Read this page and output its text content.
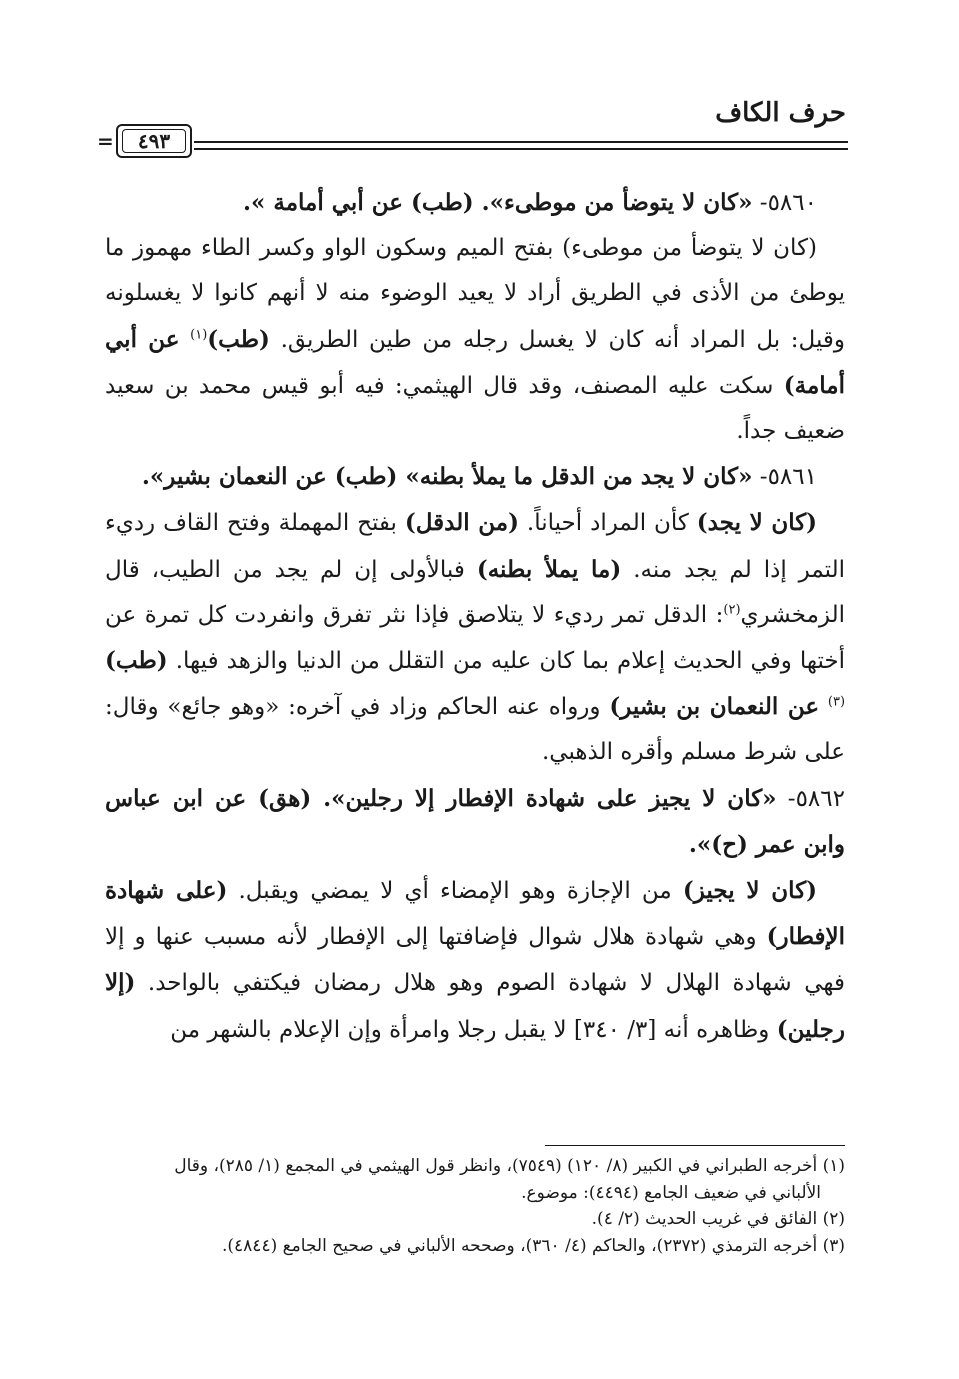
حرف الكاف
=	٤٩٣

٥٨٦٠- «كان لا يتوضأ من موطىء». (طب) عن أبي أمامة ».

(كان لا يتوضأ من موطىء) بفتح الميم وسكون الواو وكسر الطاء مهموز ما يوطئ من الأذى في الطريق أراد لا يعيد الوضوء منه لا أنهم كانوا لا يغسلونه وقيل: بل المراد أنه كان لا يغسل رجله من طين الطريق. (طب)$^{(١)}$ عن أبي أمامة) سكت عليه المصنف، وقد قال الهيثمي: فيه أبو قيس محمد بن سعيد ضعيف جداً.

٥٨٦١- «كان لا يجد من الدقل ما يملأ بطنه» (طب) عن النعمان بشير».

(كان لا يجد) كأن المراد أحياناً. (من الدقل) بفتح المهملة وفتح القاف رديء التمر إذا لم يجد منه. (ما يملأ بطنه) فبالأولى إن لم يجد من الطيب، قال الزمخشري$^{(٢)}$: الدقل تمر رديء لا يتلاصق فإذا نثر تفرق وانفردت كل تمرة عن أختها وفي الحديث إعلام بما كان عليه من التقلل من الدنيا والزهد فيها. (طب)$^{(٣)}$ عن النعمان بن بشير) ورواه عنه الحاكم وزاد في آخره: «وهو جائع» وقال: على شرط مسلم وأقره الذهبي.

٥٨٦٢- «كان لا يجيز على شهادة الإفطار إلا رجلين». (هق) عن ابن عباس وابن عمر (ح)».

(كان لا يجيز) من الإجازة وهو الإمضاء أي لا يمضي ويقبل. (على شهادة الإفطار) وهي شهادة هلال شوال فإضافتها إلى الإفطار لأنه مسبب عنها و إلا فهي شهادة الهلال لا شهادة الصوم وهو هلال رمضان فيكتفي بالواحد. (إلا رجلين) وظاهره أنه [٣/ ٣٤٠] لا يقبل رجلا وامرأة وإن الإعلام بالشهر من

(١) أخرجه الطبراني في الكبير (٨/ ١٢٠) (٧٥٤٩)، وانظر قول الهيثمي في المجمع (١/ ٢٨٥)، وقال

الألباني في ضعيف الجامع (٤٤٩٤): موضوع.

(٢) الفائق في غريب الحديث (٢/ ٤).

(٣) أخرجه الترمذي (٢٣٧٢)، والحاكم (٤/ ٣٦٠)، وصححه الألباني في صحيح الجامع (٤٨٤٤).
